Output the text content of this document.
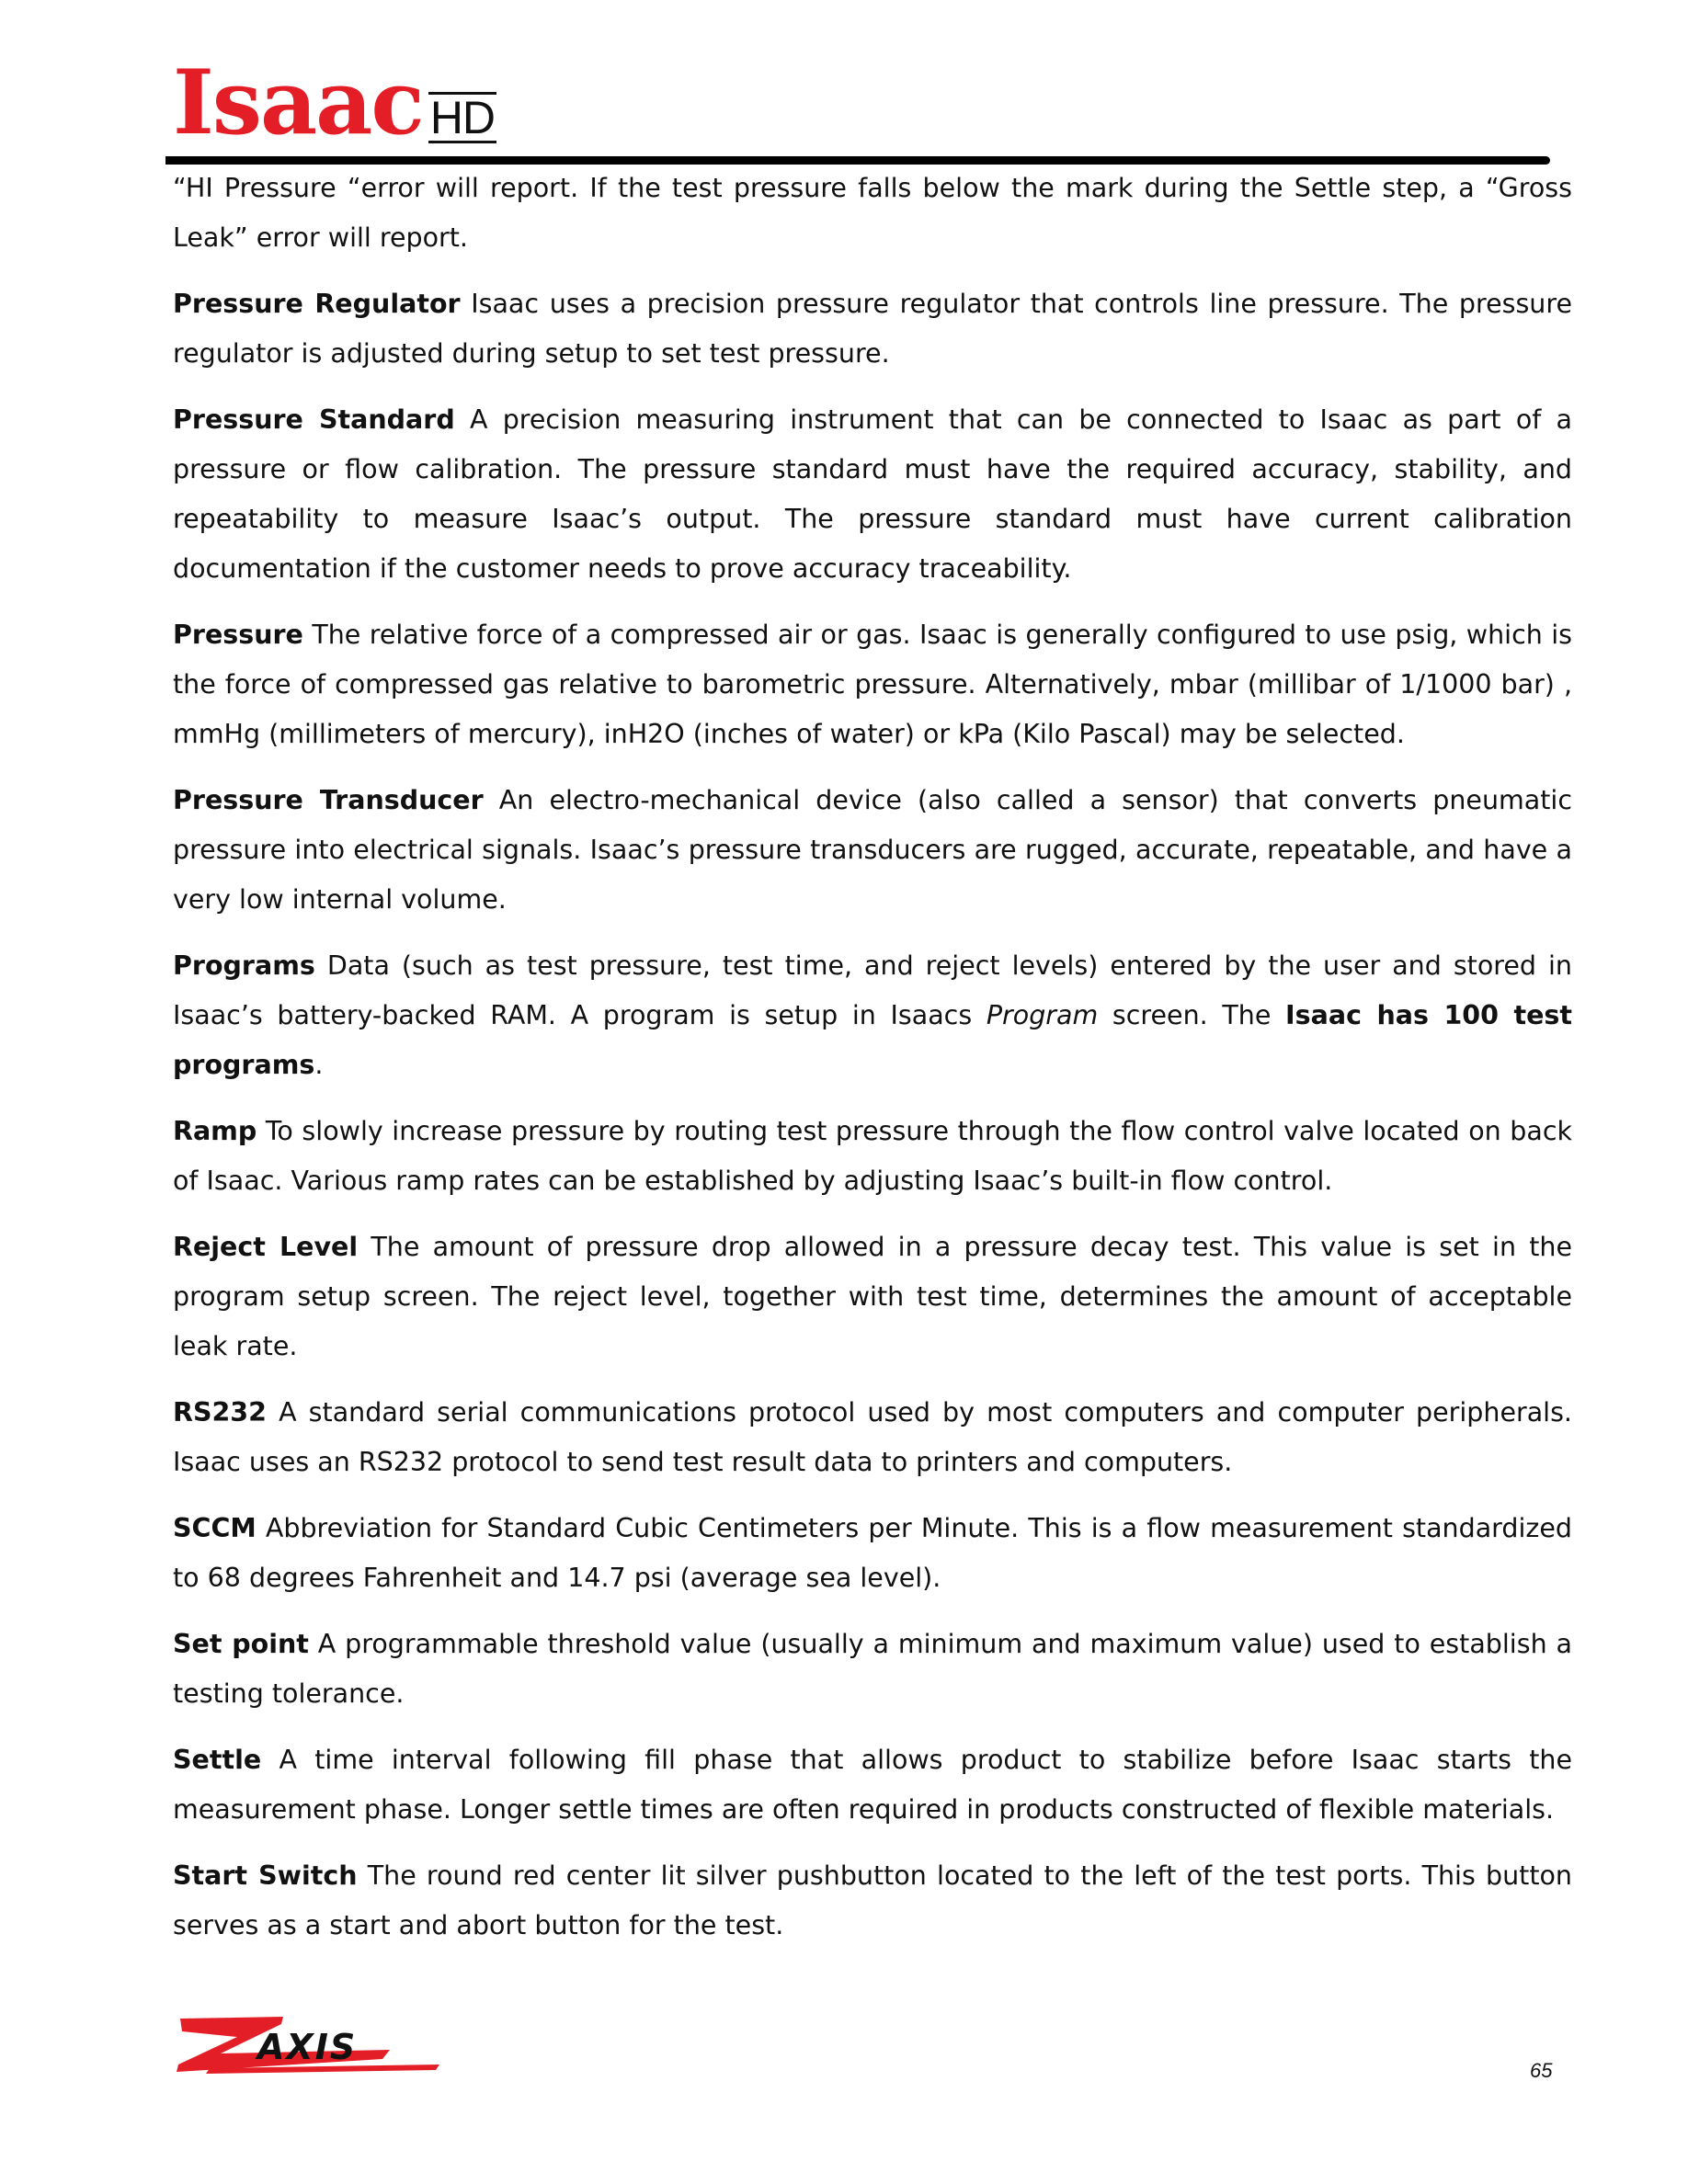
Isaac HD

“HI Pressure “error will report. If the test pressure falls below the mark during the Settle step, a “Gross Leak” error will report.

Pressure Regulator Isaac uses a precision pressure regulator that controls line pressure. The pressure regulator is adjusted during setup to set test pressure.

Pressure Standard A precision measuring instrument that can be connected to Isaac as part of a pressure or flow calibration. The pressure standard must have the required accuracy, stability, and repeatability to measure Isaac’s output. The pressure standard must have current calibration documentation if the customer needs to prove accuracy traceability.

Pressure The relative force of a compressed air or gas. Isaac is generally configured to use psig, which is the force of compressed gas relative to barometric pressure. Alternatively, mbar (millibar of 1/1000 bar) , mmHg (millimeters of mercury), inH2O (inches of water) or kPa (Kilo Pascal) may be selected.

Pressure Transducer An electro-mechanical device (also called a sensor) that converts pneumatic pressure into electrical signals. Isaac’s pressure transducers are rugged, accurate, repeatable, and have a very low internal volume.

Programs Data (such as test pressure, test time, and reject levels) entered by the user and stored in Isaac’s battery-backed RAM. A program is setup in Isaacs Program screen. The Isaac has 100 test programs.

Ramp To slowly increase pressure by routing test pressure through the flow control valve located on back of Isaac. Various ramp rates can be established by adjusting Isaac’s built-in flow control.

Reject Level The amount of pressure drop allowed in a pressure decay test. This value is set in the program setup screen. The reject level, together with test time, determines the amount of acceptable leak rate.

RS232 A standard serial communications protocol used by most computers and computer peripherals. Isaac uses an RS232 protocol to send test result data to printers and computers.

SCCM Abbreviation for Standard Cubic Centimeters per Minute. This is a flow measurement standardized to 68 degrees Fahrenheit and 14.7 psi (average sea level).

Set point A programmable threshold value (usually a minimum and maximum value) used to establish a testing tolerance.

Settle A time interval following fill phase that allows product to stabilize before Isaac starts the measurement phase. Longer settle times are often required in products constructed of flexible materials.

Start Switch The round red center lit silver pushbutton located to the left of the test ports. This button serves as a start and abort button for the test.

AXIS
65
